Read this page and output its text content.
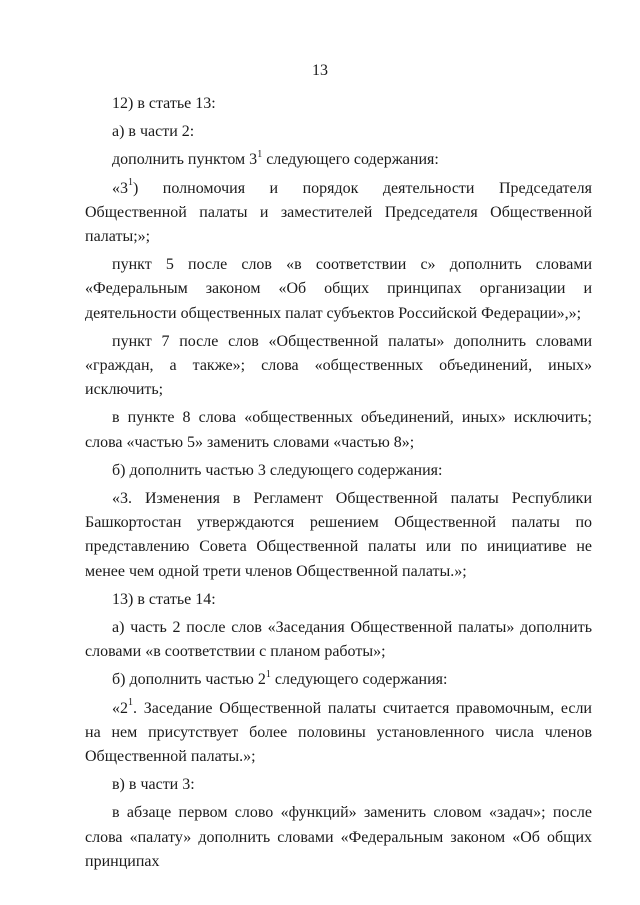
13

12) в статье 13:

а) в части 2:

дополнить пунктом $3^1$ следующего содержания:

«$3^1$) полномочия и порядок деятельности Председателя Общественной палаты и заместителей Председателя Общественной палаты;»;

пункт 5 после слов «в соответствии с» дополнить словами «Федеральным законом «Об общих принципах организации и деятельности общественных палат субъектов Российской Федерации»,»;

пункт 7 после слов «Общественной палаты» дополнить словами «граждан, а также»; слова «общественных объединений, иных» исключить;

в пункте 8 слова «общественных объединений, иных» исключить; слова «частью 5» заменить словами «частью 8»;

б) дополнить частью 3 следующего содержания:

«3. Изменения в Регламент Общественной палаты Республики Башкортостан утверждаются решением Общественной палаты по представлению Совета Общественной палаты или по инициативе не менее чем одной трети членов Общественной палаты.»;

13) в статье 14:

а) часть 2 после слов «Заседания Общественной палаты» дополнить словами «в соответствии с планом работы»;

б) дополнить частью $2^1$ следующего содержания:

«$2^1$. Заседание Общественной палаты считается правомочным, если на нем присутствует более половины установленного числа членов Общественной палаты.»;

в) в части 3:

в абзаце первом слово «функций» заменить словом «задач»; после слова «палату» дополнить словами «Федеральным законом «Об общих принципах
